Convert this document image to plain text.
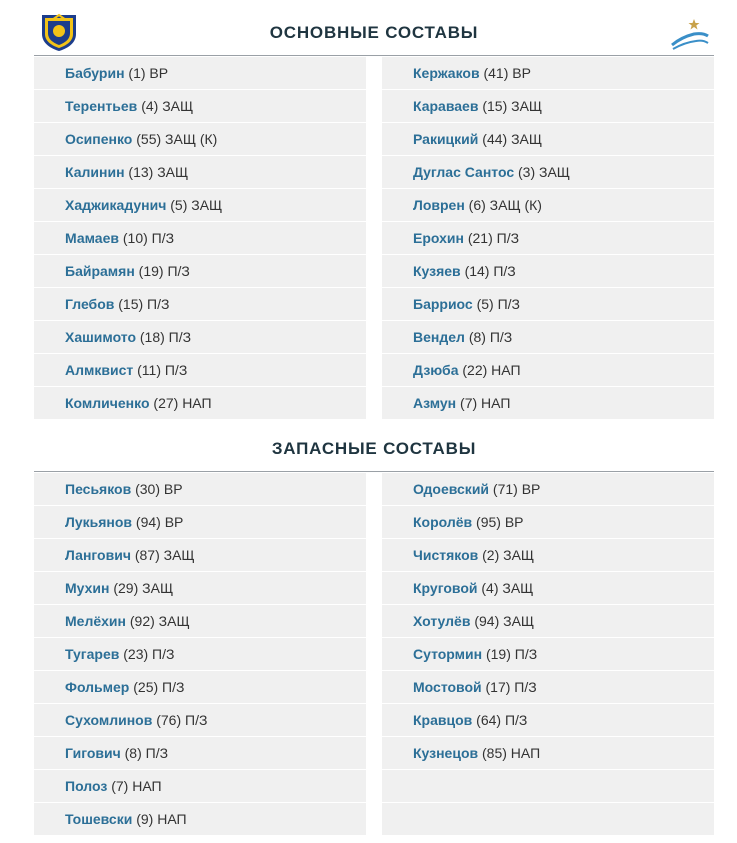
ОСНОВНЫЕ СОСТАВЫ
Бабурин (1) ВР
Терентьев (4) ЗАЩ
Осипенко (55) ЗАЩ (К)
Калинин (13) ЗАЩ
Хаджикадунич (5) ЗАЩ
Мамаев (10) П/З
Байрамян (19) П/З
Глебов (15) П/З
Хашимото (18) П/З
Алмквист (11) П/З
Комличенко (27) НАП
Кержаков (41) ВР
Караваев (15) ЗАЩ
Ракицкий (44) ЗАЩ
Дуглас Сантос (3) ЗАЩ
Ловрен (6) ЗАЩ (К)
Ерохин (21) П/З
Кузяев (14) П/З
Барриос (5) П/З
Вендел (8) П/З
Дзюба (22) НАП
Азмун (7) НАП
ЗАПАСНЫЕ СОСТАВЫ
Песьяков (30) ВР
Лукьянов (94) ВР
Лангович (87) ЗАЩ
Мухин (29) ЗАЩ
Мелёхин (92) ЗАЩ
Тугарев (23) П/З
Фольмер (25) П/З
Сухомлинов (76) П/З
Гигович (8) П/З
Полоз (7) НАП
Тошевски (9) НАП
Одоевский (71) ВР
Королёв (95) ВР
Чистяков (2) ЗАЩ
Круговой (4) ЗАЩ
Хотулёв (94) ЗАЩ
Сутормин (19) П/З
Мостовой (17) П/З
Кравцов (64) П/З
Кузнецов (85) НАП
